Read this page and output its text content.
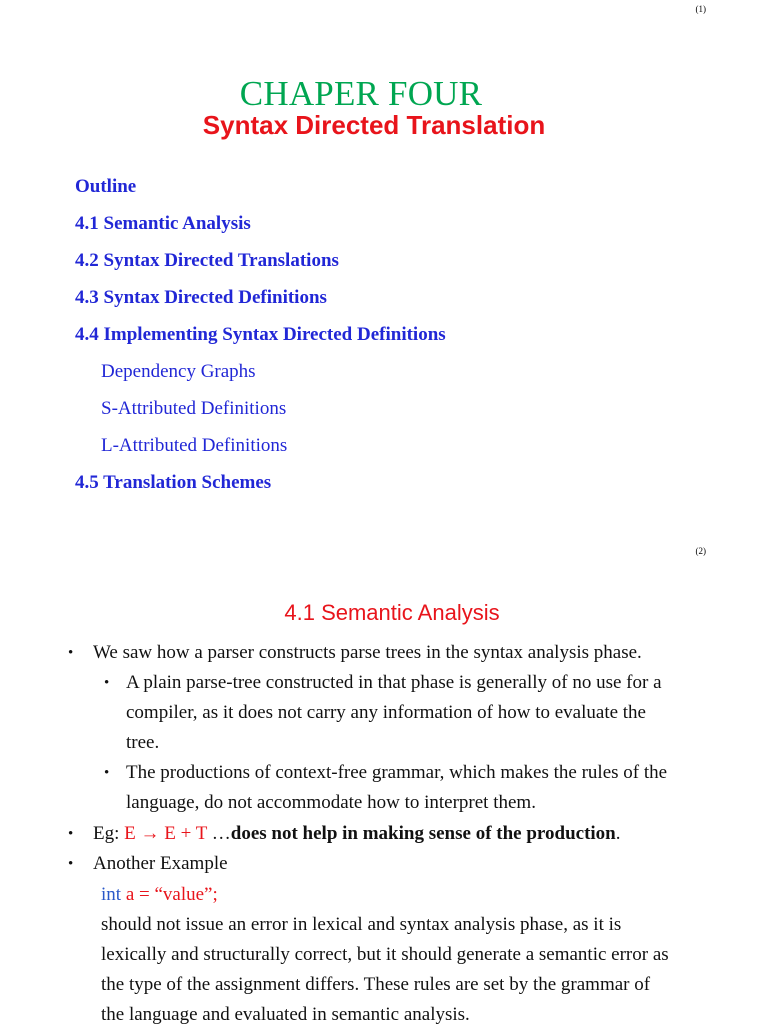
(1)
CHAPER FOUR
Syntax Directed Translation
Outline
4.1 Semantic Analysis
4.2 Syntax Directed Translations
4.3 Syntax Directed Definitions
4.4 Implementing Syntax Directed Definitions
Dependency Graphs
S-Attributed Definitions
L-Attributed Definitions
4.5 Translation Schemes
(2)
4.1 Semantic Analysis
• We saw how a parser constructs parse trees in the syntax analysis phase.
• A plain parse-tree constructed in that phase is generally of no use for a
compiler, as it does not carry any information of how to evaluate the
tree.
• The productions of context-free grammar, which makes the rules of the
language, do not accommodate how to interpret them.
• Eg: E → E + T …does not help in making sense of the production.
• Another Example
int a = “value”;
should not issue an error in lexical and syntax analysis phase, as it is
lexically and structurally correct, but it should generate a semantic error as
the type of the assignment differs. These rules are set by the grammar of
the language and evaluated in semantic analysis.
